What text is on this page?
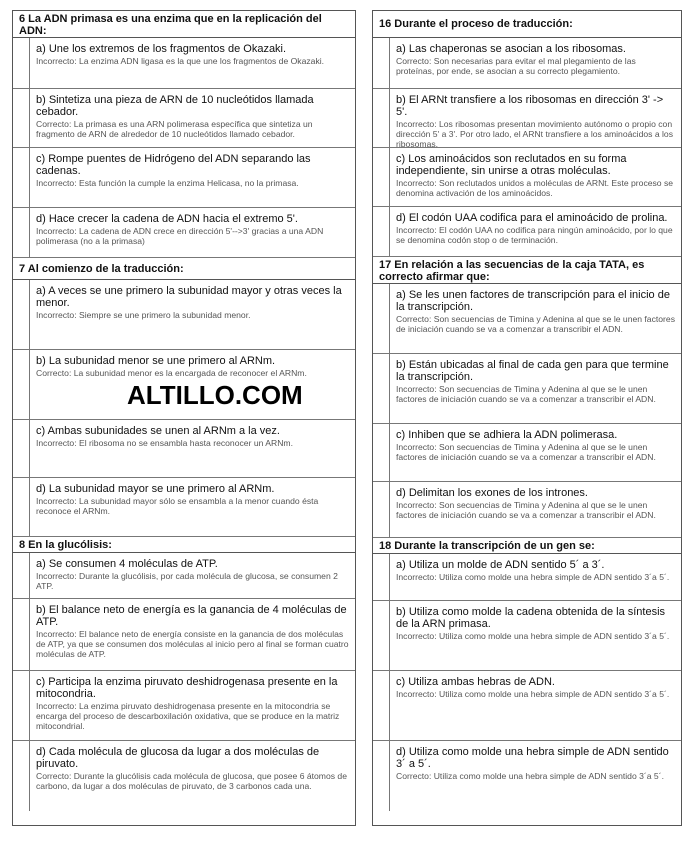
6 La ADN primasa es una enzima que en la replicación del ADN:
a) Une los extremos de los fragmentos de Okazaki.
Incorrecto: La enzima ADN ligasa es la que une los fragmentos de Okazaki.
b) Sintetiza una pieza de ARN de 10 nucleótidos llamada cebador.
Correcto: La primasa es una ARN polimerasa específica que sintetiza un fragmento de ARN de alrededor de 10 nucleótidos llamado cebador.
c) Rompe puentes de Hidrógeno del ADN separando las cadenas.
Incorrecto: Esta función la cumple la enzima Helicasa, no la primasa.
d) Hace crecer la cadena de ADN hacia el extremo 5'.
Incorrecto: La cadena de ADN crece en dirección 5'-->3' gracias a una ADN polimerasa (no a la primasa)
7 Al comienzo de la traducción:
a) A veces se une primero la subunidad mayor y otras veces la menor.
Incorrecto: Siempre se une primero la subunidad menor.
b) La subunidad menor se une primero al ARNm.
Correcto: La subunidad menor es la encargada de reconocer el ARNm.
c) Ambas subunidades se unen al ARNm a la vez.
Incorrecto: El ribosoma no se ensambla hasta reconocer un ARNm.
d) La subunidad mayor se une primero al ARNm.
Incorrecto: La subunidad mayor sólo se ensambla a la menor cuando ésta reconoce el ARNm.
8 En la glucólisis:
a) Se consumen 4 moléculas de ATP.
Incorrecto: Durante la glucólisis, por cada molécula de glucosa, se consumen 2 ATP.
b) El balance neto de energía es la ganancia de 4 moléculas de ATP.
Incorrecto: El balance neto de energía consiste en la ganancia de dos moléculas de ATP, ya que se consumen dos moléculas al inicio pero al final se forman cuatro moléculas de ATP.
c) Participa la enzima piruvato deshidrogenasa presente en la mitocondria.
Incorrecto: La enzima piruvato deshidrogenasa presente en la mitocondria se encarga del proceso de descarboxilación oxidativa, que se produce en la matriz mitocondrial.
d) Cada molécula de glucosa da lugar a dos moléculas de piruvato.
Correcto: Durante la glucólisis cada molécula de glucosa, que posee 6 átomos de carbono, da lugar a dos moléculas de piruvato, de 3 carbonos cada una.
16 Durante el proceso de traducción:
a) Las chaperonas se asocian a los ribosomas.
Correcto: Son necesarias para evitar el mal plegamiento de las proteínas, por ende, se asocian a su correcto plegamiento.
b) El ARNt transfiere a los ribosomas en dirección 3' -> 5'.
Incorrecto: Los ribosomas presentan movimiento autónomo o propio con dirección 5' a 3'. Por otro lado, el ARNt transfiere a los aminoácidos a los ribosomas.
c) Los aminoácidos son reclutados en su forma independiente, sin unirse a otras moléculas.
Incorrecto: Son reclutados unidos a moléculas de ARNt. Este proceso se denomina activación de los aminoácidos.
d) El codón UAA codifica para el aminoácido de prolina.
Incorrecto: El codón UAA no codifica para ningún aminoácido, por lo que se denomina codón stop o de terminación.
17 En relación a las secuencias de la caja TATA, es correcto afirmar que:
a) Se les unen factores de transcripción para el inicio de la transcripción.
Correcto: Son secuencias de Timina y Adenina al que se le unen factores de iniciación cuando se va a comenzar a transcribir el ADN.
b) Están ubicadas al final de cada gen para que termine la transcripción.
Incorrecto: Son secuencias de Timina y Adenina al que se le unen factores de iniciación cuando se va a comenzar a transcribir el ADN.
c) Inhiben que se adhiera la ADN polimerasa.
Incorrecto: Son secuencias de Timina y Adenina al que se le unen factores de iniciación cuando se va a comenzar a transcribir el ADN.
d) Delimitan los exones de los intrones.
Incorrecto: Son secuencias de Timina y Adenina al que se le unen factores de iniciación cuando se va a comenzar a transcribir el ADN.
18 Durante la transcripción de un gen se:
a) Utiliza un molde de ADN sentido 5´ a 3´.
Incorrecto: Utiliza como molde una hebra simple de ADN sentido 3´a 5´.
b) Utiliza como molde la cadena obtenida de la síntesis de la ARN primasa.
Incorrecto: Utiliza como molde una hebra simple de ADN sentido 3´a 5´.
c) Utiliza ambas hebras de ADN.
Incorrecto: Utiliza como molde una hebra simple de ADN sentido 3´a 5´.
d) Utiliza como molde una hebra simple de ADN sentido 3´ a 5´.
Correcto: Utiliza como molde una hebra simple de ADN sentido 3´a 5´.
ALTILLO.COM
